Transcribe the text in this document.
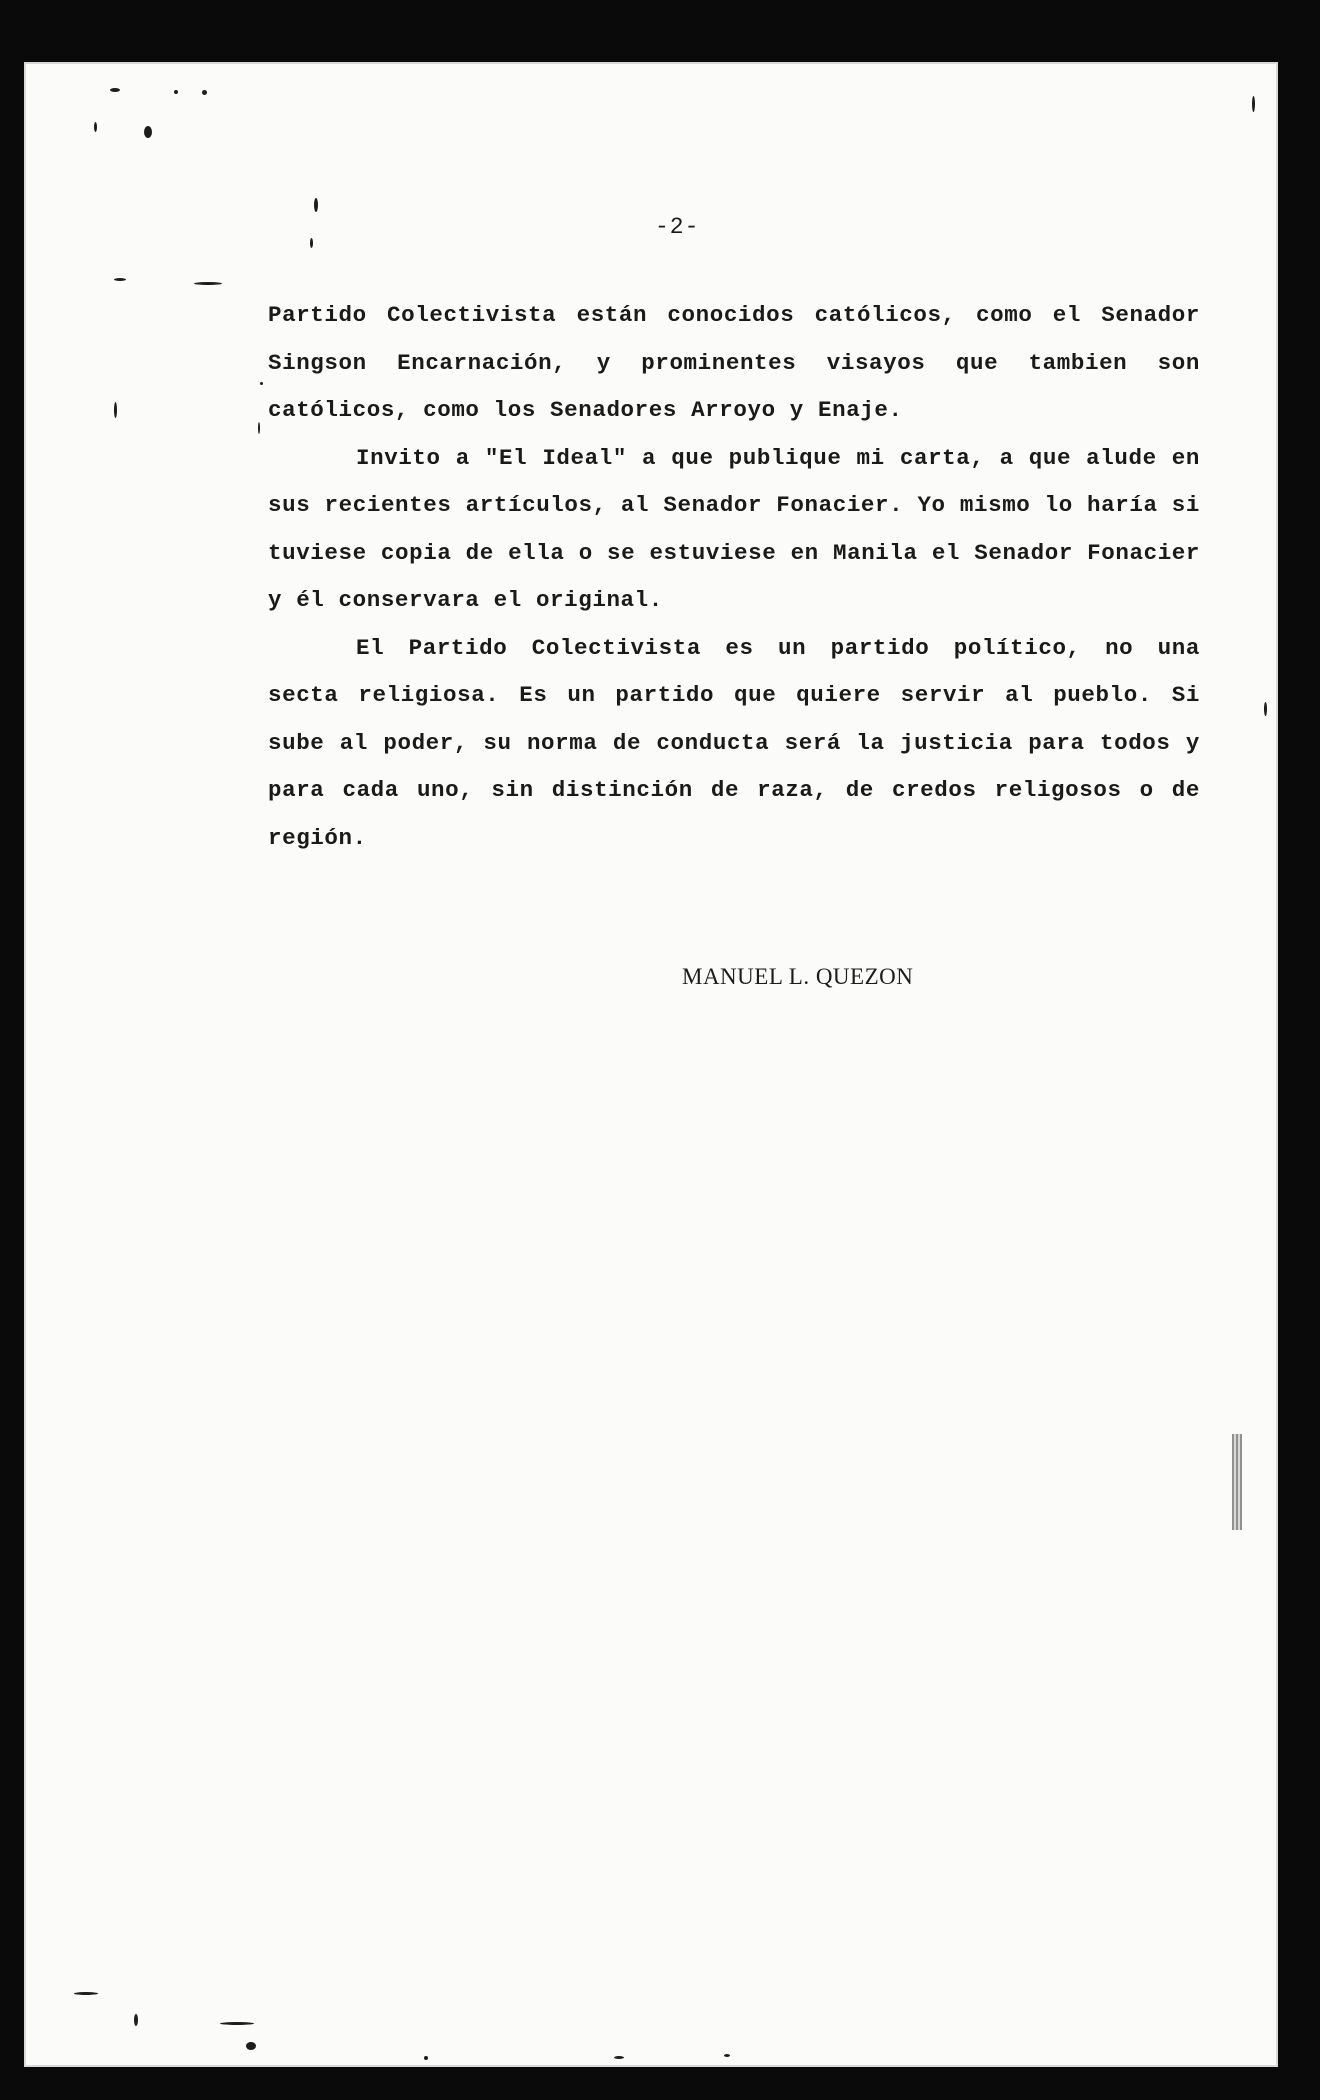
-2-

Partido Colectivista están conocidos católicos, como el Senador Singson Encarnación, y prominentes visayos que tambien son católicos, como los Senadores Arroyo y Enaje.

Invito a "El Ideal" a que publique mi carta, a que alude en sus recientes artículos, al Senador Fonacier. Yo mismo lo haría si tuviese copia de ella o se estuviese en Manila el Senador Fonacier y él conservara el original.

El Partido Colectivista es un partido político, no una secta religiosa. Es un partido que quiere servir al pueblo. Si sube al poder, su norma de conducta será la justicia para todos y para cada uno, sin distinción de raza, de credos religosos o de región.

MANUEL L. QUEZON
